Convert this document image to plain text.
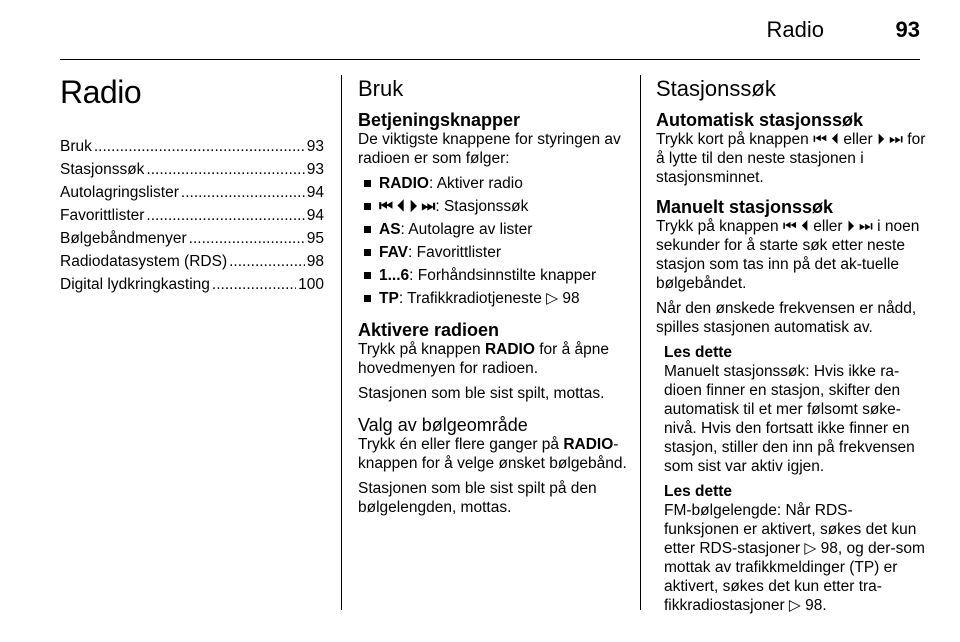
Radio	93
Radio
Bruk .....	93
Stasjonssøk .....	93
Autolagringslister .....	94
Favorittlister .....	94
Bølgebåndmenyer .....	95
Radiodatasystem (RDS) .....	98
Digital lydkringkasting .....	100
Bruk
Betjeningsknapper

De viktigste knappene for styringen av radioen er som følger:

RADIO: Aktiver radio
⏮ ⏴ ⏵ ⏭: Stasjonssøk
AS: Autolagre av lister
FAV: Favorittlister
1...6: Forhåndsinnstilte knapper
TP: Trafikkradiotjeneste ▷ 98
Aktivere radioen

Trykk på knappen RADIO for å åpne hovedmenyen for radioen.

Stasjonen som ble sist spilt, mottas.

Valg av bølgeområde

Trykk én eller flere ganger på RADIO-knappen for å velge ønsket bølgebånd.

Stasjonen som ble sist spilt på den bølgelengden, mottas.

Stasjonssøk
Automatisk stasjonssøk

Trykk kort på knappen ⏮ ⏴ eller ⏵ ⏭ for å lytte til den neste stasjonen i stasjonsminnet.

Manuelt stasjonssøk

Trykk på knappen ⏮ ⏴ eller ⏵ ⏭ i noen sekunder for å starte søk etter neste stasjon som tas inn på det ak-tuelle bølgebåndet.

Når den ønskede frekvensen er nådd, spilles stasjonen automatisk av.

Les dette

Manuelt stasjonssøk: Hvis ikke ra-dioen finner en stasjon, skifter den automatisk til et mer følsomt søke-nivå. Hvis den fortsatt ikke finner en stasjon, stiller den inn på frekvensen som sist var aktiv igjen.

Les dette

FM-bølgelengde: Når RDS-funksjonen er aktivert, søkes det kun etter RDS-stasjoner ▷ 98, og der-som mottak av trafikkmeldinger (TP) er aktivert, søkes det kun etter tra-fikkradiostasjoner ▷ 98.
